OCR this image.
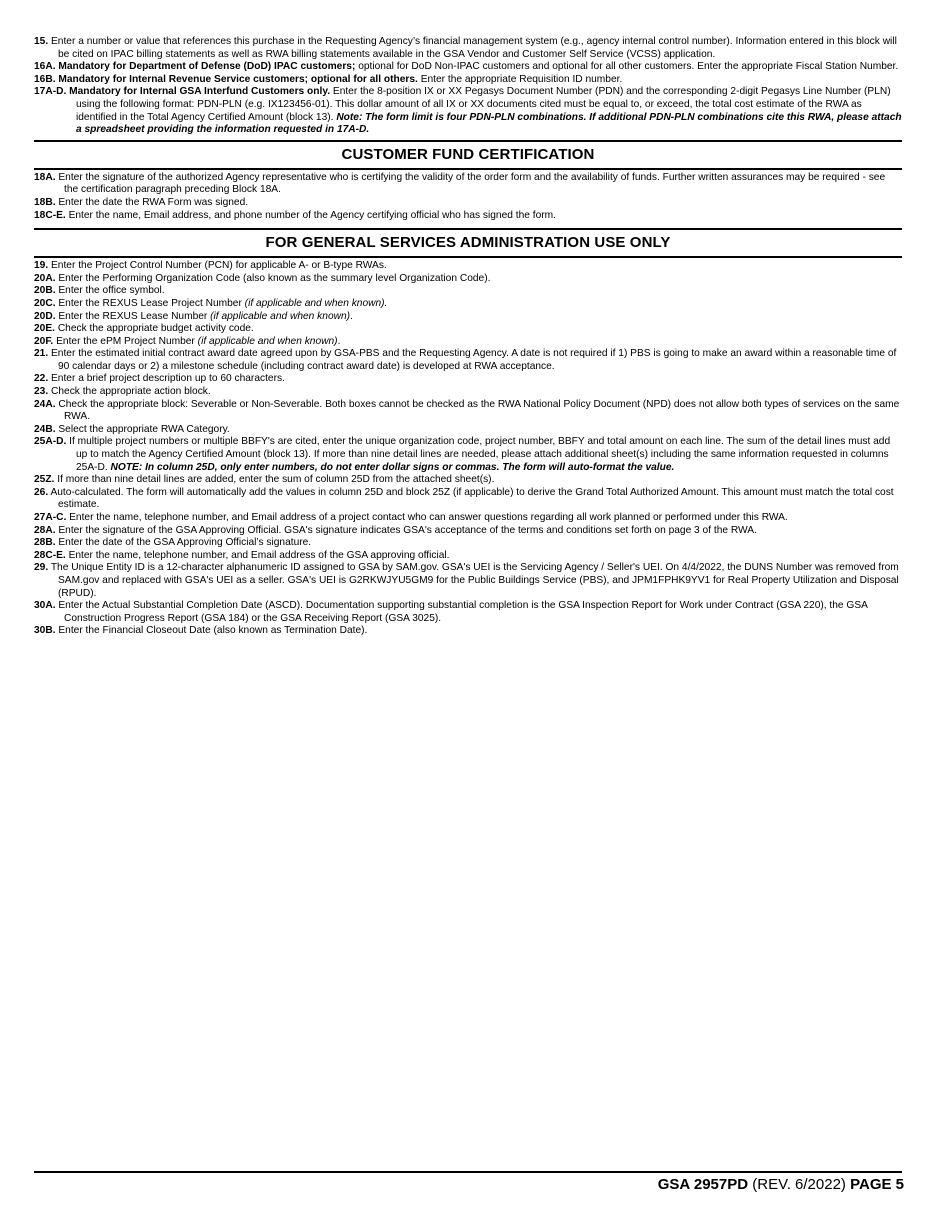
15. Enter a number or value that references this purchase in the Requesting Agency’s financial management system (e.g., agency internal control number). Information entered in this block will be cited on IPAC billing statements as well as RWA billing statements available in the GSA Vendor and Customer Self Service (VCSS) application.
16A. Mandatory for Department of Defense (DoD) IPAC customers; optional for DoD Non-IPAC customers and optional for all other customers. Enter the appropriate Fiscal Station Number.
16B. Mandatory for Internal Revenue Service customers; optional for all others. Enter the appropriate Requisition ID number.
17A-D. Mandatory for Internal GSA Interfund Customers only. Enter the 8-position IX or XX Pegasys Document Number (PDN) and the corresponding 2-digit Pegasys Line Number (PLN) using the following format: PDN-PLN (e.g. IX123456-01). This dollar amount of all IX or XX documents cited must be equal to, or exceed, the total cost estimate of the RWA as identified in the Total Agency Certified Amount (block 13). Note: The form limit is four PDN-PLN combinations. If additional PDN-PLN combinations cite this RWA, please attach a spreadsheet providing the information requested in 17A-D.
CUSTOMER FUND CERTIFICATION
18A. Enter the signature of the authorized Agency representative who is certifying the validity of the order form and the availability of funds. Further written assurances may be required - see the certification paragraph preceding Block 18A.
18B. Enter the date the RWA Form was signed.
18C-E. Enter the name, Email address, and phone number of the Agency certifying official who has signed the form.
FOR GENERAL SERVICES ADMINISTRATION USE ONLY
19. Enter the Project Control Number (PCN) for applicable A- or B-type RWAs.
20A. Enter the Performing Organization Code (also known as the summary level Organization Code).
20B. Enter the office symbol.
20C. Enter the REXUS Lease Project Number (if applicable and when known).
20D. Enter the REXUS Lease Number (if applicable and when known).
20E. Check the appropriate budget activity code.
20F. Enter the ePM Project Number (if applicable and when known).
21. Enter the estimated initial contract award date agreed upon by GSA-PBS and the Requesting Agency. A date is not required if 1) PBS is going to make an award within a reasonable time of 90 calendar days or 2) a milestone schedule (including contract award date) is developed at RWA acceptance.
22. Enter a brief project description up to 60 characters.
23. Check the appropriate action block.
24A. Check the appropriate block: Severable or Non-Severable. Both boxes cannot be checked as the RWA National Policy Document (NPD) does not allow both types of services on the same RWA.
24B. Select the appropriate RWA Category.
25A-D. If multiple project numbers or multiple BBFY's are cited, enter the unique organization code, project number, BBFY and total amount on each line. The sum of the detail lines must add up to match the Agency Certified Amount (block 13). If more than nine detail lines are needed, please attach additional sheet(s) including the same information requested in columns 25A-D. NOTE: In column 25D, only enter numbers, do not enter dollar signs or commas. The form will auto-format the value.
25Z. If more than nine detail lines are added, enter the sum of column 25D from the attached sheet(s).
26. Auto-calculated. The form will automatically add the values in column 25D and block 25Z (if applicable) to derive the Grand Total Authorized Amount. This amount must match the total cost estimate.
27A-C. Enter the name, telephone number, and Email address of a project contact who can answer questions regarding all work planned or performed under this RWA.
28A. Enter the signature of the GSA Approving Official. GSA's signature indicates GSA's acceptance of the terms and conditions set forth on page 3 of the RWA.
28B. Enter the date of the GSA Approving Official’s signature.
28C-E. Enter the name, telephone number, and Email address of the GSA approving official.
29. The Unique Entity ID is a 12-character alphanumeric ID assigned to GSA by SAM.gov. GSA's UEI is the Servicing Agency / Seller's UEI. On 4/4/2022, the DUNS Number was removed from SAM.gov and replaced with GSA's UEI as a seller. GSA's UEI is G2RKWJYU5GM9 for the Public Buildings Service (PBS), and JPM1FPHK9YV1 for Real Property Utilization and Disposal (RPUD).
30A. Enter the Actual Substantial Completion Date (ASCD). Documentation supporting substantial completion is the GSA Inspection Report for Work under Contract (GSA 220), the GSA Construction Progress Report (GSA 184) or the GSA Receiving Report (GSA 3025).
30B. Enter the Financial Closeout Date (also known as Termination Date).
GSA 2957PD (REV. 6/2022) PAGE 5
